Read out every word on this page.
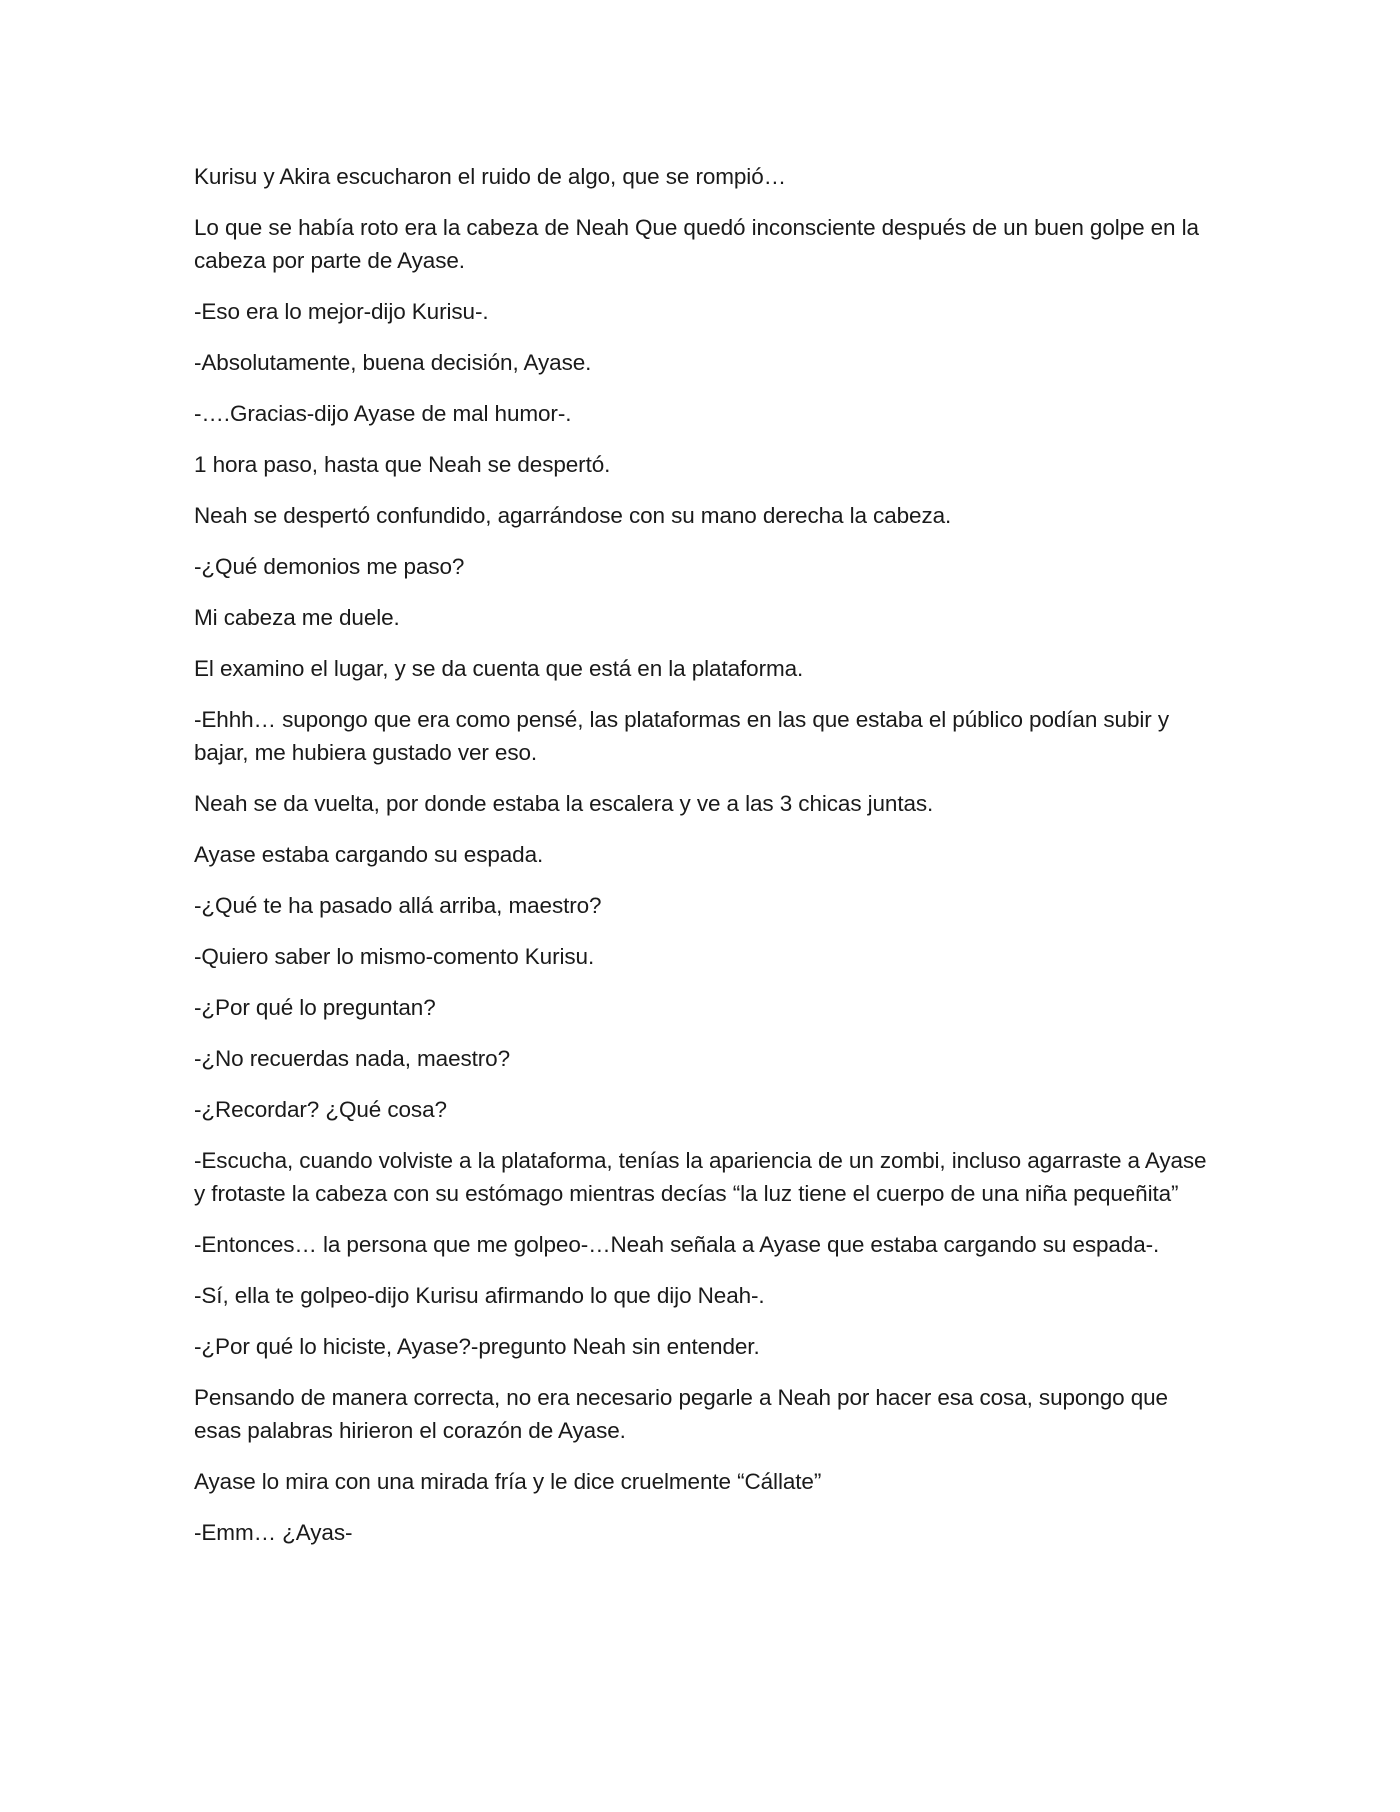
Kurisu y Akira escucharon el ruido de algo, que se rompió…

Lo que se había roto era la cabeza de Neah Que quedó inconsciente después de un buen golpe en la cabeza por parte de Ayase.

-Eso era lo mejor-dijo Kurisu-.

-Absolutamente, buena decisión, Ayase.

-….Gracias-dijo Ayase de mal humor-.

1 hora paso, hasta que Neah se despertó.

Neah se despertó confundido, agarrándose con su mano derecha la cabeza.

-¿Qué demonios me paso?

Mi cabeza me duele.

El examino el lugar, y se da cuenta que está en la plataforma.

-Ehhh… supongo que era como pensé, las plataformas en las que estaba el público podían subir y bajar, me hubiera gustado ver eso.

Neah se da vuelta, por donde estaba la escalera y ve a las 3 chicas juntas.

Ayase estaba cargando su espada.

-¿Qué te ha pasado allá arriba, maestro?

-Quiero saber lo mismo-comento Kurisu.

-¿Por qué lo preguntan?

-¿No recuerdas nada, maestro?

-¿Recordar? ¿Qué cosa?

-Escucha, cuando volviste a la plataforma, tenías la apariencia de un zombi, incluso agarraste a Ayase y frotaste la cabeza con su estómago mientras decías “la luz tiene el cuerpo de una niña pequeñita”

-Entonces… la persona que me golpeo-…Neah señala a Ayase que estaba cargando su espada-.

-Sí, ella te golpeo-dijo Kurisu afirmando lo que dijo Neah-.

-¿Por qué lo hiciste, Ayase?-pregunto Neah sin entender.

Pensando de manera correcta, no era necesario pegarle a Neah por hacer esa cosa, supongo que esas palabras hirieron el corazón de Ayase.

Ayase lo mira con una mirada fría y le dice cruelmente “Cállate”

-Emm… ¿Ayas-
